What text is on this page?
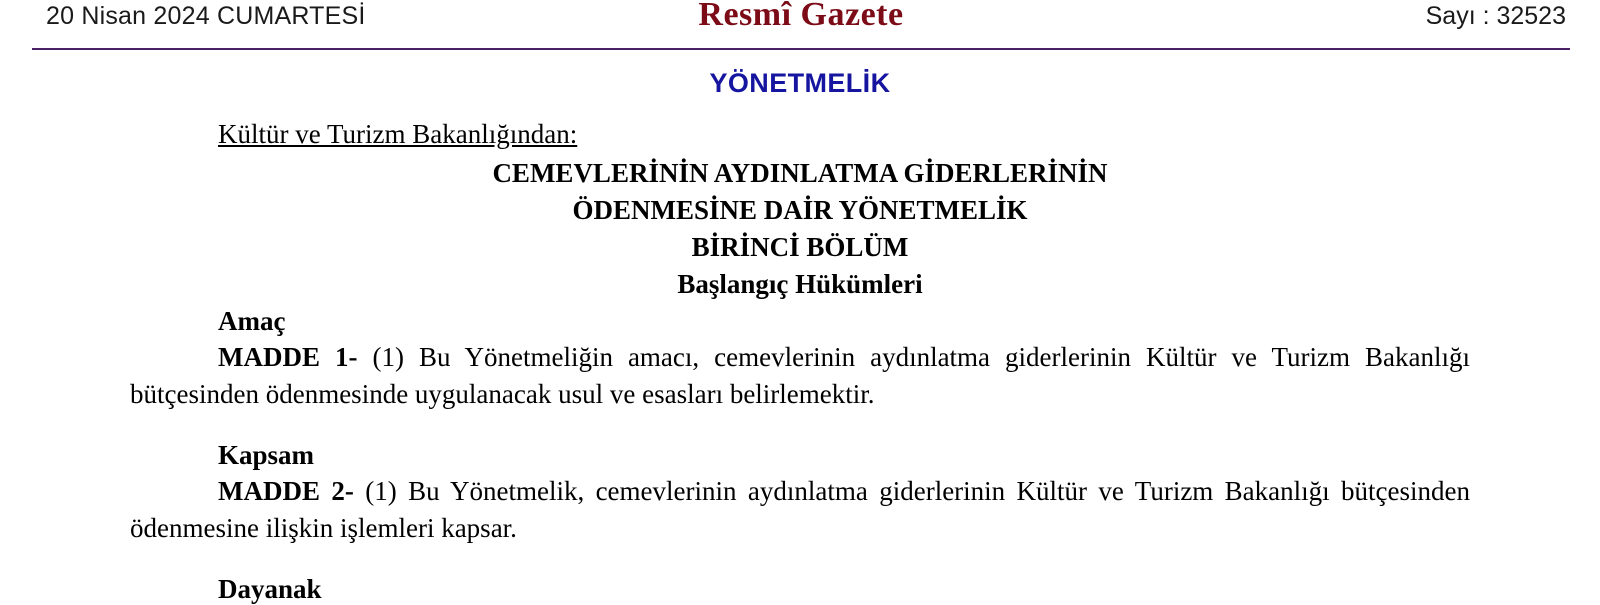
20 Nisan 2024 CUMARTESİ	Resmî Gazete	Sayı : 32523
YÖNETMELİK
Kültür ve Turizm Bakanlığından:
CEMEVLERİNİN AYDINLATMA GİDERLERİNİN
ÖDENMESİNE DAİR YÖNETMELİK
BİRİNCİ BÖLÜM
Başlangıç Hükümleri
Amaç

MADDE 1- (1) Bu Yönetmeliğin amacı, cemevlerinin aydınlatma giderlerinin Kültür ve Turizm Bakanlığı bütçesinden ödenmesinde uygulanacak usul ve esasları belirlemektir.

Kapsam

MADDE 2- (1) Bu Yönetmelik, cemevlerinin aydınlatma giderlerinin Kültür ve Turizm Bakanlığı bütçesinden ödenmesine ilişkin işlemleri kapsar.

Dayanak
